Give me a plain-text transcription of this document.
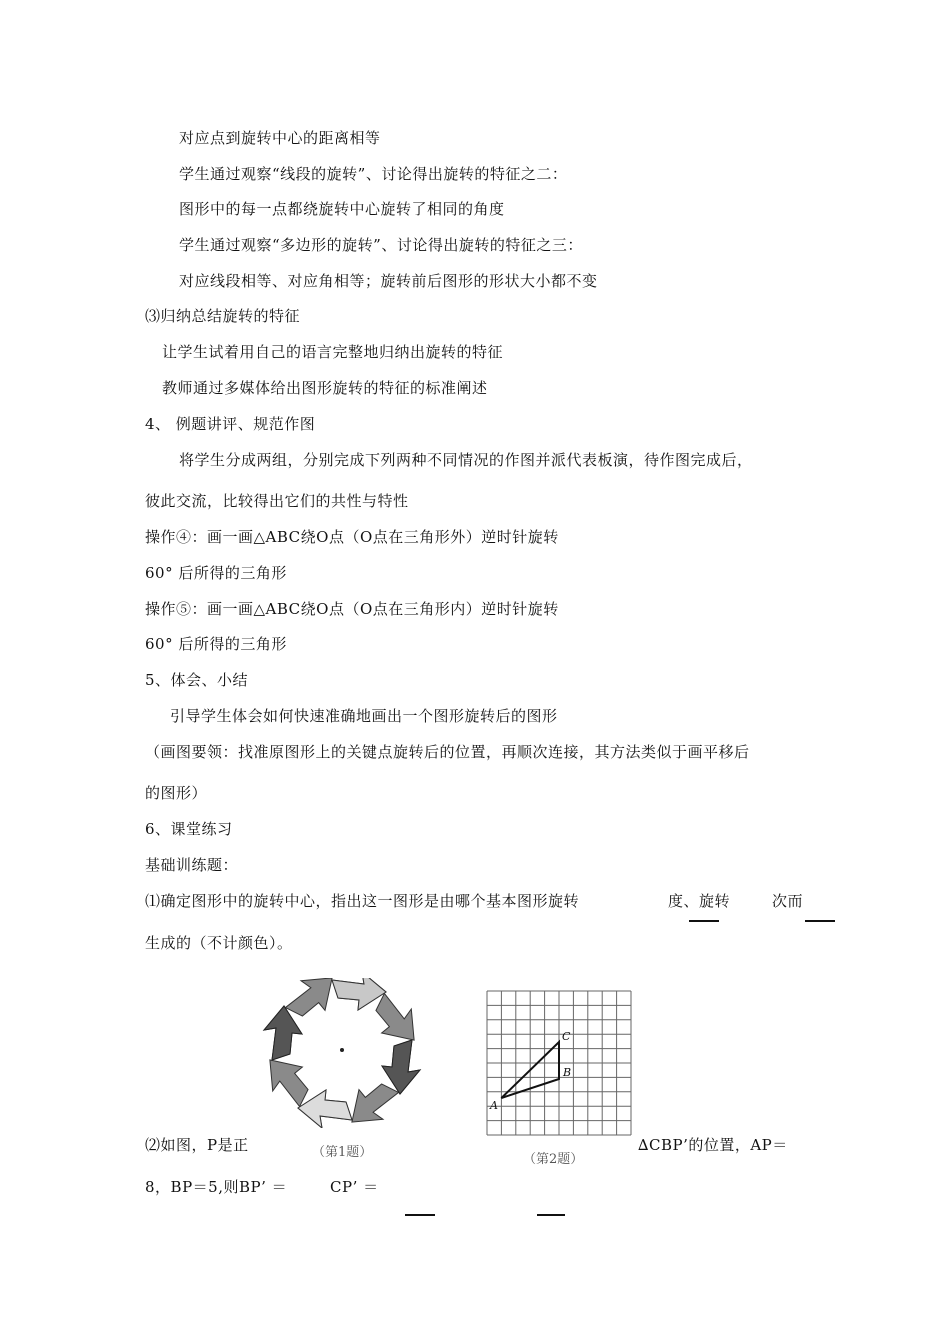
对应点到旋转中心的距离相等
学生通过观察“线段的旋转”、讨论得出旋转的特征之二：
图形中的每一点都绕旋转中心旋转了相同的角度
学生通过观察“多边形的旋转”、讨论得出旋转的特征之三：
对应线段相等、对应角相等；旋转前后图形的形状大小都不变
⑶归纳总结旋转的特征
让学生试着用自己的语言完整地归纳出旋转的特征
教师通过多媒体给出图形旋转的特征的标准阐述
4、 例题讲评、规范作图
将学生分成两组，分别完成下列两种不同情况的作图并派代表板演，待作图完成后，
彼此交流，比较得出它们的共性与特性
操作④：画一画△ABC绕O点（O点在三角形外）逆时针旋转
60° 后所得的三角形
操作⑤：画一画△ABC绕O点（O点在三角形内）逆时针旋转
60° 后所得的三角形
5、体会、小结
引导学生体会如何快速准确地画出一个图形旋转后的图形
（画图要领：找准原图形上的关键点旋转后的位置，再顺次连接，其方法类似于画平移后
的图形）
6、课堂练习
基础训练题：
⑴确定图形中的旋转中心，指出这一图形是由哪个基本图形旋转	度、旋转	次而
生成的（不计颜色）。
（第1题）
A
B
C
（第2题）
⑵如图，P是正	∆CBP’的位置，AP＝
8，BP＝5,则BP’ ＝	CP’ ＝
